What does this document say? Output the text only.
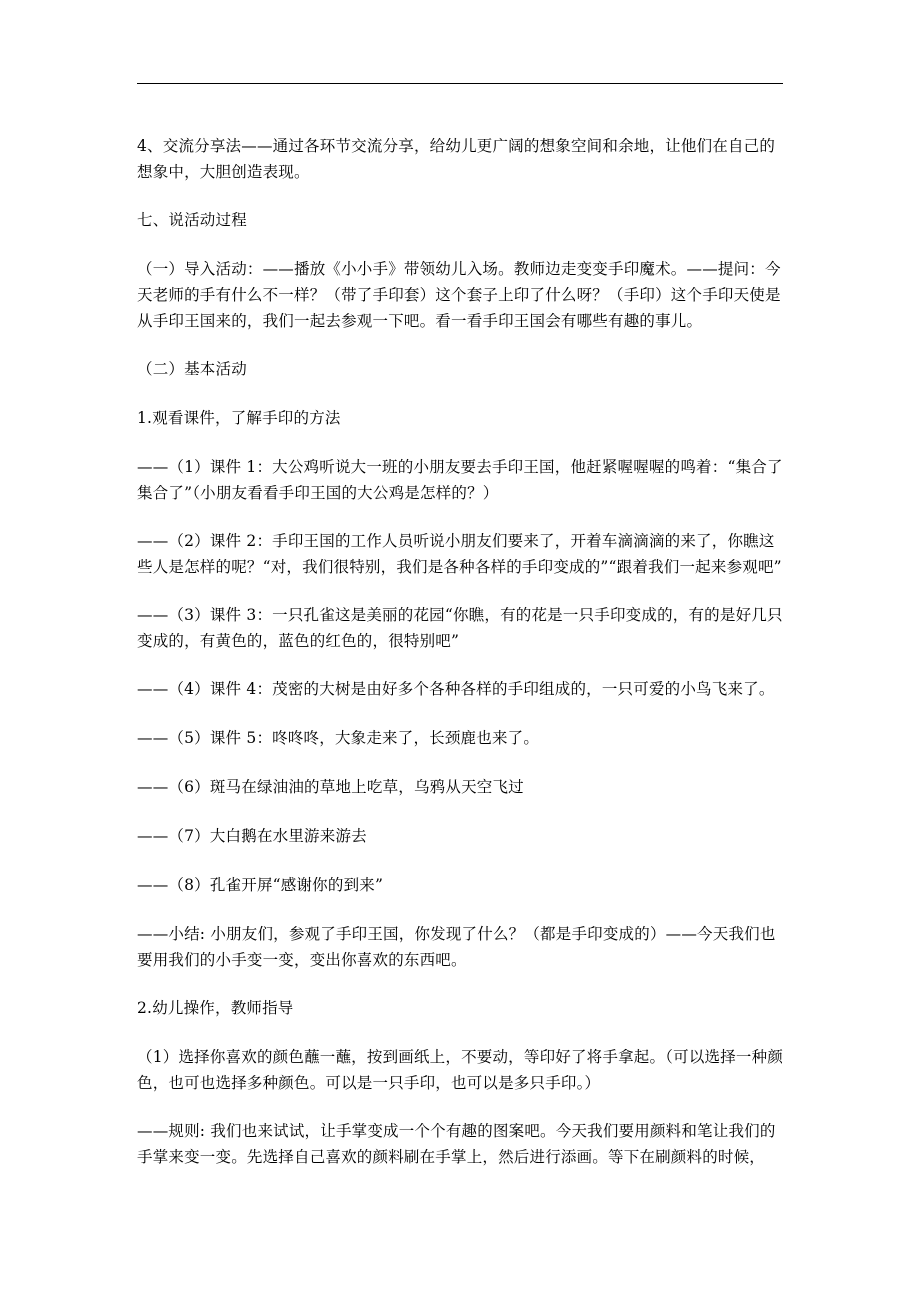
4、交流分享法——通过各环节交流分享，给幼儿更广阔的想象空间和余地，让他们在自己的想象中，大胆创造表现。

七、说活动过程

（一）导入活动：——播放《小小手》带领幼儿入场。教师边走变变手印魔术。——提问：今天老师的手有什么不一样？（带了手印套）这个套子上印了什么呀？（手印）这个手印天使是从手印王国来的，我们一起去参观一下吧。看一看手印王国会有哪些有趣的事儿。

（二）基本活动

1.观看课件，了解手印的方法

——（1）课件 1：大公鸡听说大一班的小朋友要去手印王国，他赶紧喔喔喔的鸣着：“集合了集合了”（小朋友看看手印王国的大公鸡是怎样的？）

——（2）课件 2：手印王国的工作人员听说小朋友们要来了，开着车滴滴滴的来了，你瞧这些人是怎样的呢？“对，我们很特别，我们是各种各样的手印变成的”“跟着我们一起来参观吧”

——（3）课件 3：一只孔雀这是美丽的花园“你瞧，有的花是一只手印变成的，有的是好几只变成的，有黄色的，蓝色的红色的，很特别吧”

——（4）课件 4：茂密的大树是由好多个各种各样的手印组成的，一只可爱的小鸟飞来了。

——（5）课件 5：咚咚咚，大象走来了，长颈鹿也来了。

——（6）斑马在绿油油的草地上吃草，乌鸦从天空飞过

——（7）大白鹅在水里游来游去

——（8）孔雀开屏“感谢你的到来”

——小结: 小朋友们，参观了手印王国，你发现了什么？（都是手印变成的）——今天我们也要用我们的小手变一变，变出你喜欢的东西吧。

2.幼儿操作，教师指导

（1）选择你喜欢的颜色蘸一蘸，按到画纸上，不要动，等印好了将手拿起。（可以选择一种颜色，也可也选择多种颜色。可以是一只手印，也可以是多只手印。）

——规则: 我们也来试试，让手掌变成一个个有趣的图案吧。今天我们要用颜料和笔让我们的手掌来变一变。先选择自己喜欢的颜料刷在手掌上，然后进行添画。等下在刷颜料的时候，
